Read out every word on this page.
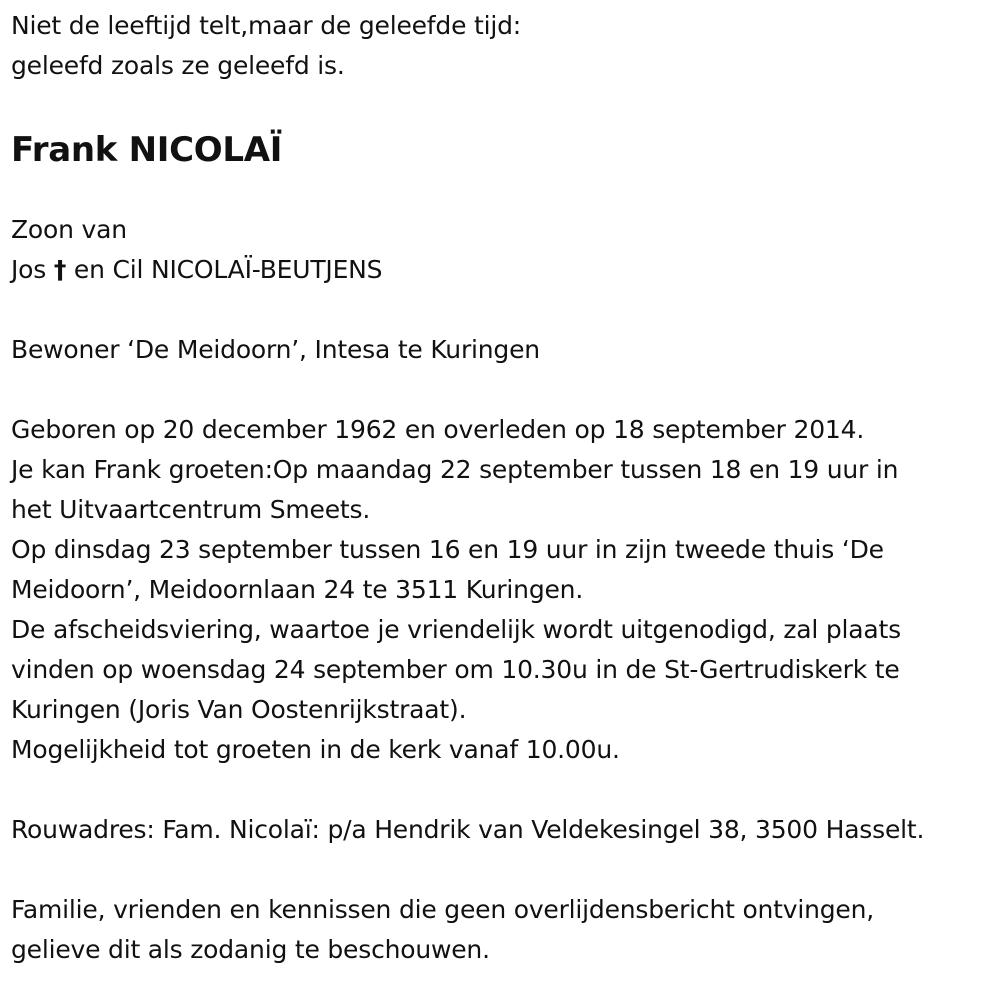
Niet de leeftijd telt,maar de geleefde tijd:
geleefd zoals ze geleefd is.
Frank NICOLAÏ
Zoon van
Jos † en Cil NICOLAÏ-BEUTJENS
Bewoner ‘De Meidoorn’, Intesa te Kuringen
Geboren op 20 december 1962 en overleden op 18 september 2014.
Je kan Frank groeten:Op maandag 22 september tussen 18 en 19 uur in
het Uitvaartcentrum Smeets.
Op dinsdag 23 september tussen 16 en 19 uur in zijn tweede thuis ‘De
Meidoorn’, Meidoornlaan 24 te 3511 Kuringen.
De afscheidsviering, waartoe je vriendelijk wordt uitgenodigd, zal plaats
vinden op woensdag 24 september om 10.30u in de St-Gertrudiskerk te
Kuringen (Joris Van Oostenrijkstraat).
Mogelijkheid tot groeten in de kerk vanaf 10.00u.
Rouwadres: Fam. Nicolaï: p/a Hendrik van Veldekesingel 38, 3500 Hasselt.
Familie, vrienden en kennissen die geen overlijdensbericht ontvingen,
gelieve dit als zodanig te beschouwen.
